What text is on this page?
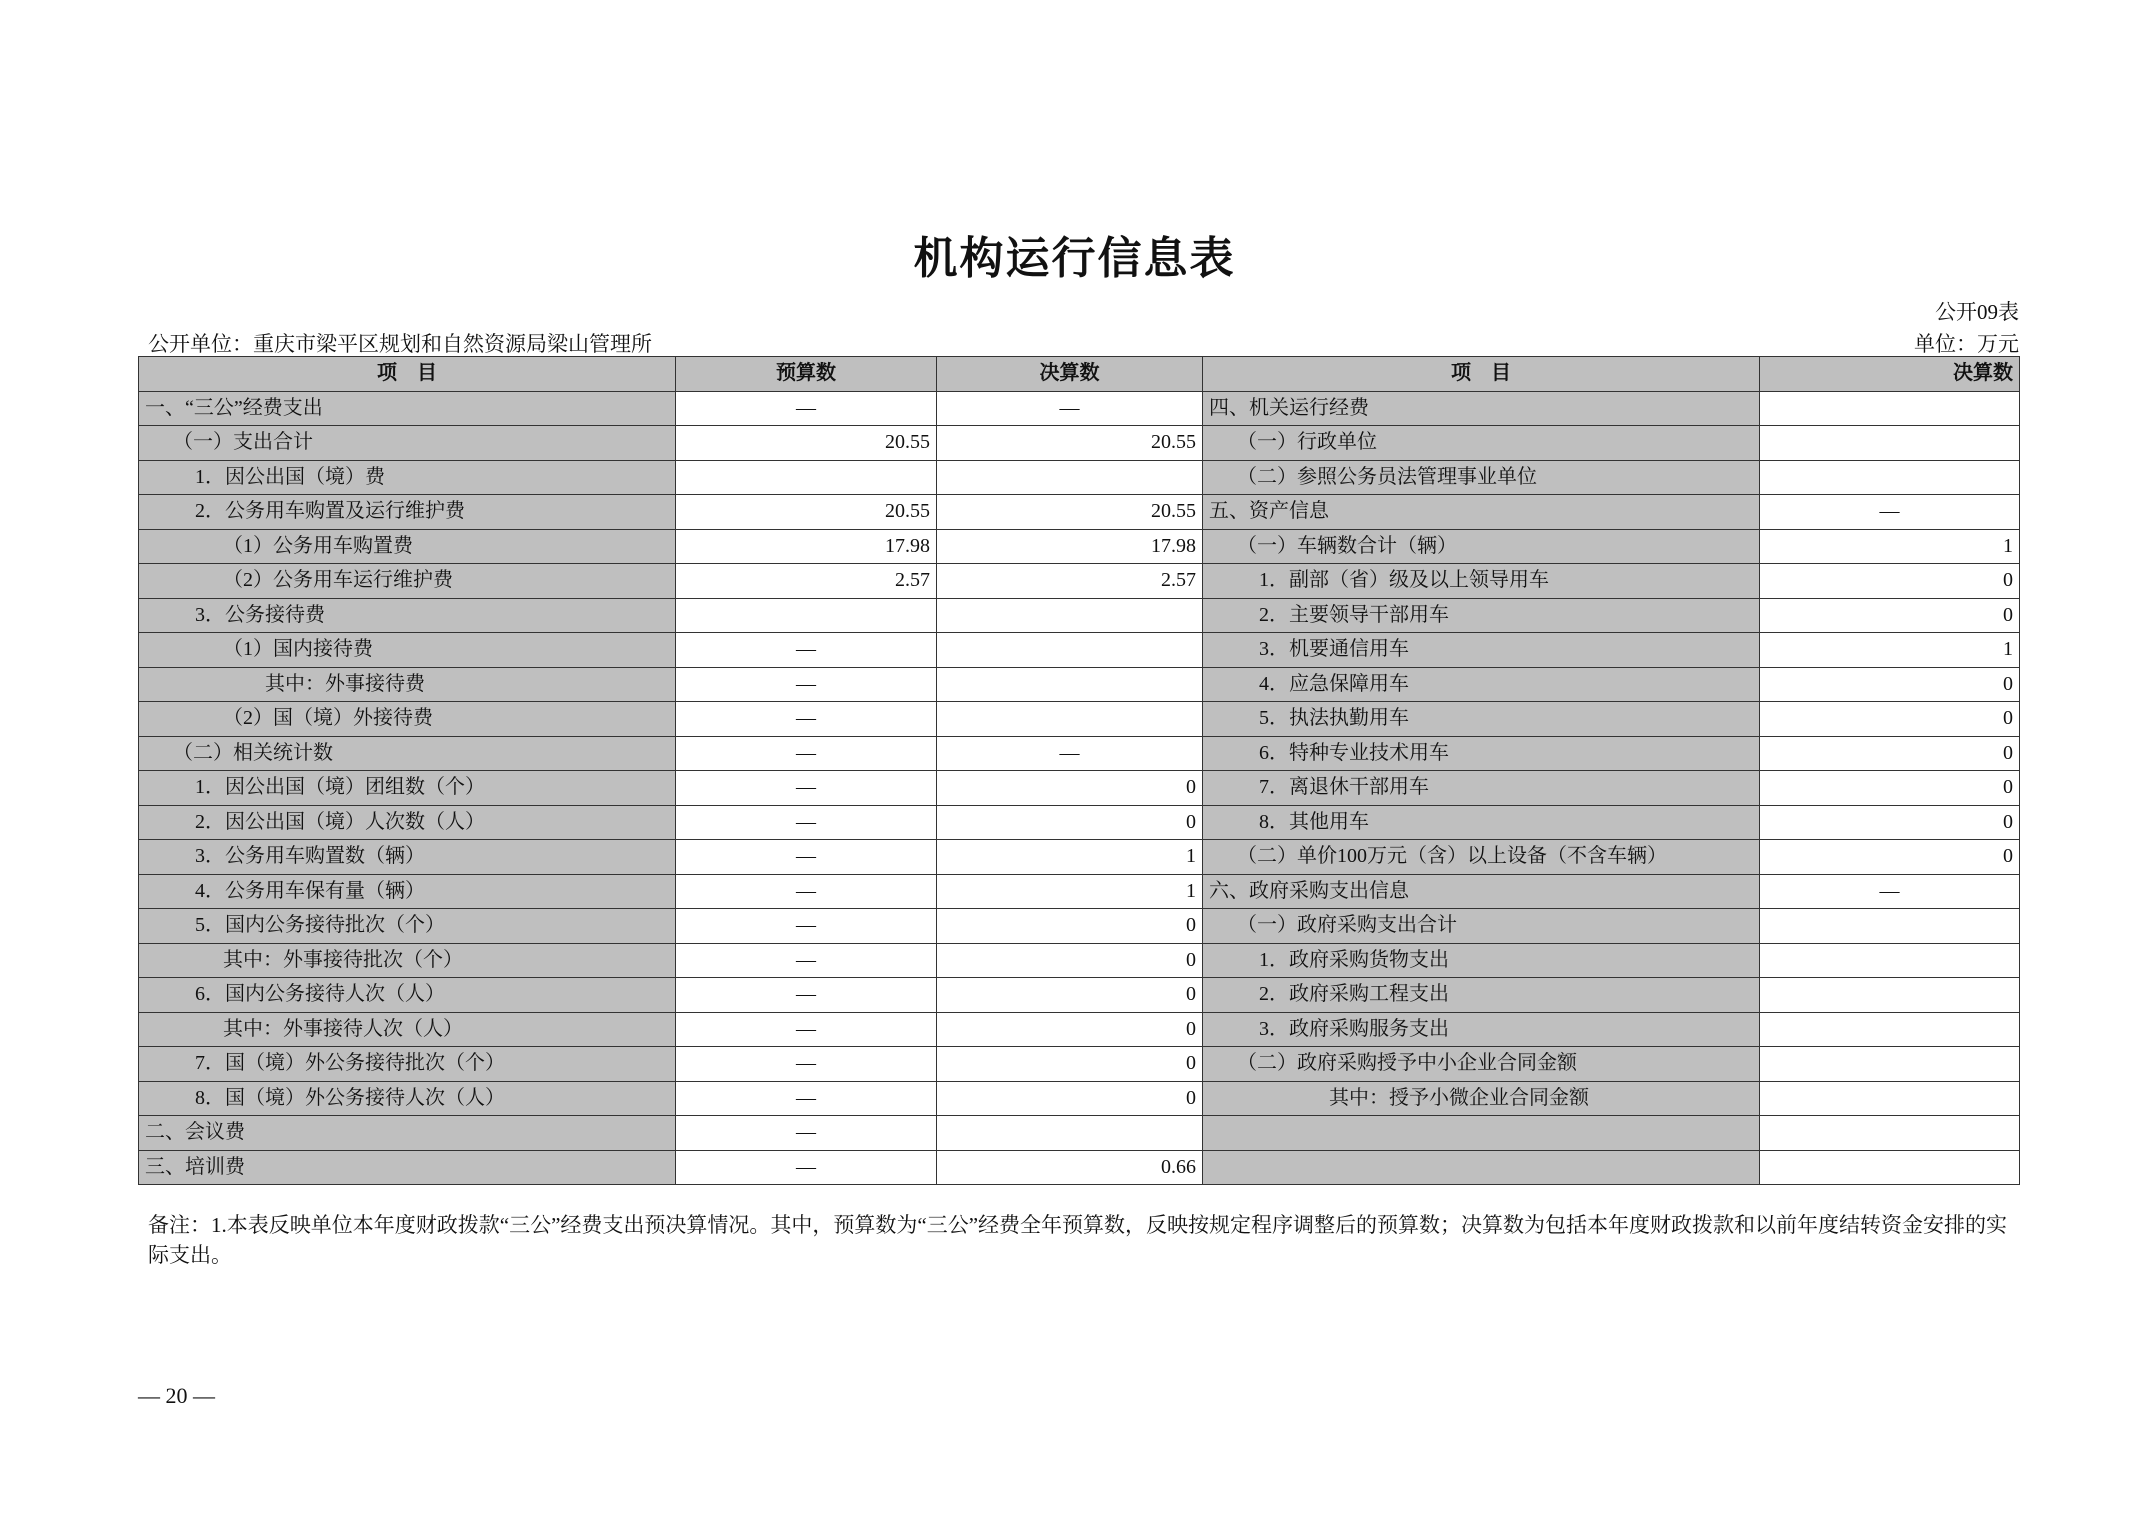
机构运行信息表
公开09表
公开单位：重庆市梁平区规划和自然资源局梁山管理所	单位：万元
项　目	预算数	决算数	项　目	决算数
一、“三公”经费支出	—	—	四、机关运行经费	
（一）支出合计	20.55	20.55	（一）行政单位	
1．因公出国（境）费			（二）参照公务员法管理事业单位	
2．公务用车购置及运行维护费	20.55	20.55	五、资产信息	—
（1）公务用车购置费	17.98	17.98	（一）车辆数合计（辆）	1
（2）公务用车运行维护费	2.57	2.57	1．副部（省）级及以上领导用车	0
3．公务接待费			2．主要领导干部用车	0
（1）国内接待费	—		3．机要通信用车	1
其中：外事接待费	—		4．应急保障用车	0
（2）国（境）外接待费	—		5．执法执勤用车	0
（二）相关统计数	—	—	6．特种专业技术用车	0
1．因公出国（境）团组数（个）	—	0	7．离退休干部用车	0
2．因公出国（境）人次数（人）	—	0	8．其他用车	0
3．公务用车购置数（辆）	—	1	（二）单价100万元（含）以上设备（不含车辆）	0
4．公务用车保有量（辆）	—	1	六、政府采购支出信息	—
5．国内公务接待批次（个）	—	0	（一）政府采购支出合计	
其中：外事接待批次（个）	—	0	1．政府采购货物支出	
6．国内公务接待人次（人）	—	0	2．政府采购工程支出	
其中：外事接待人次（人）	—	0	3．政府采购服务支出	
7．国（境）外公务接待批次（个）	—	0	（二）政府采购授予中小企业合同金额	
8．国（境）外公务接待人次（人）	—	0	其中：授予小微企业合同金额	
二、会议费	—			
三、培训费	—	0.66		
备注：1.本表反映单位本年度财政拨款“三公”经费支出预决算情况。其中，预算数为“三公”经费全年预算数，反映按规定程序调整后的预算数；决算数为包括本年度财政拨款和以前年度结转资金安排的实际支出。
— 20 —
